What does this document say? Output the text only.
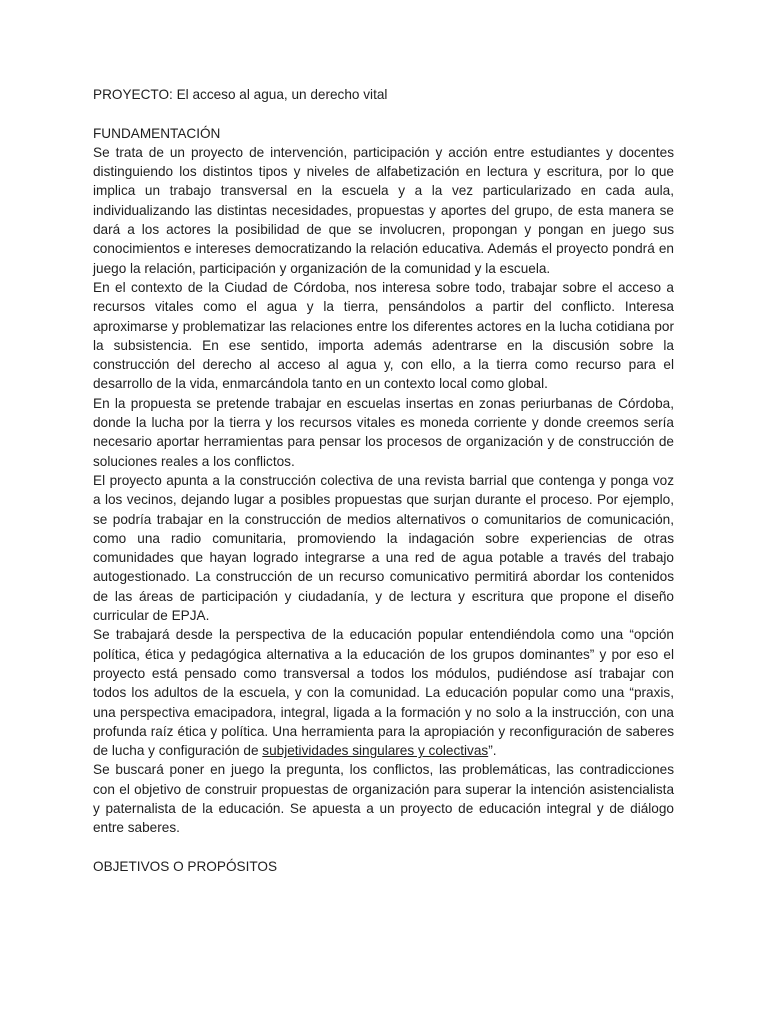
PROYECTO: El acceso al agua, un derecho vital

FUNDAMENTACIÓN

Se trata de un proyecto de intervención, participación y acción entre estudiantes y docentes distinguiendo los distintos tipos y niveles de alfabetización en lectura y escritura, por lo que implica un trabajo transversal en la escuela y a la vez particularizado en cada aula, individualizando las distintas necesidades, propuestas y aportes del grupo, de esta manera se dará a los actores la posibilidad de que se involucren, propongan y pongan en juego sus conocimientos e intereses democratizando la relación educativa. Además el proyecto pondrá en juego la relación, participación y organización de la comunidad y la escuela.

En el contexto de la Ciudad de Córdoba, nos interesa sobre todo, trabajar sobre el acceso a recursos vitales como el agua y la tierra, pensándolos a partir del conflicto. Interesa aproximarse y problematizar las relaciones entre los diferentes actores en la lucha cotidiana por la subsistencia. En ese sentido, importa además adentrarse en la discusión sobre la construcción del derecho al acceso al agua y, con ello, a la tierra como recurso para el desarrollo de la vida, enmarcándola tanto en un contexto local como global.

En la propuesta se pretende trabajar en escuelas insertas en zonas periurbanas de Córdoba, donde la lucha por la tierra y los recursos vitales es moneda corriente y donde creemos sería necesario aportar herramientas para pensar los procesos de organización y de construcción de soluciones reales a los conflictos.

El proyecto apunta a la construcción colectiva de una revista barrial que contenga y ponga voz a los vecinos, dejando lugar a posibles propuestas que surjan durante el proceso. Por ejemplo, se podría trabajar en la construcción de medios alternativos o comunitarios de comunicación, como una radio comunitaria, promoviendo la indagación sobre experiencias de otras comunidades que hayan logrado integrarse a una red de agua potable a través del trabajo autogestionado. La construcción de un recurso comunicativo permitirá abordar los contenidos de las áreas de participación y ciudadanía, y de lectura y escritura que propone el diseño curricular de EPJA.

Se trabajará desde la perspectiva de la educación popular entendiéndola como una “opción política, ética y pedagógica alternativa a la educación de los grupos dominantes” y por eso el proyecto está pensado como transversal a todos los módulos, pudiéndose así trabajar con todos los adultos de la escuela, y con la comunidad. La educación popular como una “praxis, una perspectiva emacipadora, integral, ligada a la formación y no solo a la instrucción, con una profunda raíz ética y política. Una herramienta para la apropiación y reconfiguración de saberes de lucha y configuración de subjetividades singulares y colectivas”.

Se buscará poner en juego la pregunta, los conflictos, las problemáticas, las contradicciones con el objetivo de construir propuestas de organización para superar la intención asistencialista y paternalista de la educación. Se apuesta a un proyecto de educación integral y de diálogo entre saberes.

OBJETIVOS O PROPÓSITOS
